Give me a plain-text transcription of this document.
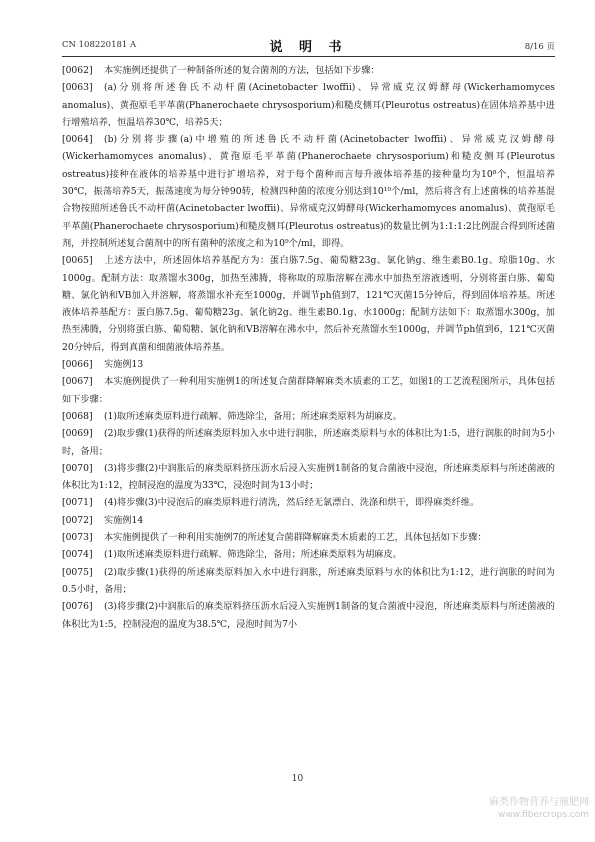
CN 108220181 A	说 明 书	8/16 页

[0062] 本实施例还提供了一种制备所述的复合菌剂的方法，包括如下步骤：

[0063] (a)分别将所述鲁氏不动杆菌(Acinetobacter lwoffii)、异常威克汉姆酵母(Wickerhamomyces anomalus)、黄孢原毛平革菌(Phanerochaete chrysosporium)和糙皮侧耳(Pleurotus ostreatus)在固体培养基中进行增殖培养，恒温培养30℃，培养5天；

[0064] (b)分别将步骤(a)中增殖的所述鲁氏不动杆菌(Acinetobacter lwoffii)、异常威克汉姆酵母(Wickerhamomyces anomalus)、黄孢原毛平革菌(Phanerochaete chrysosporium)和糙皮侧耳(Pleurotus ostreatus)接种在液体的培养基中进行扩增培养，对于每个菌种而言每升液体培养基的接种量均为10⁸个，恒温培养30℃，振荡培养5天，振荡速度为每分钟90转，检测四种菌的浓度分别达到10¹⁰个/ml，然后将含有上述菌株的培养基混合物按照所述鲁氏不动杆菌(Acinetobacter lwoffii)、异常威克汉姆酵母(Wickerhamomyces anomalus)、黄孢原毛平革菌(Phanerochaete chrysosporium)和糙皮侧耳(Pleurotus ostreatus)的数量比例为1:1:1:2比例混合得到所述菌剂，并控制所述复合菌剂中的所有菌种的浓度之和为10⁹个/ml，即得。

[0065] 上述方法中，所述固体培养基配方为：蛋白胨7.5g、葡萄糖23g、氯化钠g、维生素B0.1g、琼脂10g、水1000g。配制方法：取蒸馏水300g，加热至沸腾，将称取的琼脂溶解在沸水中加热至溶液透明，分别将蛋白胨、葡萄糖、氯化钠和VB加入并溶解，将蒸馏水补充至1000g，并调节ph值到7，121℃灭菌15分钟后，得到固体培养基。所述液体培养基配方：蛋白胨7.5g、葡萄糖23g、氯化钠2g、维生素B0.1g、水1000g；配制方法如下：取蒸馏水300g，加热至沸腾，分别将蛋白胨、葡萄糖、氯化钠和VB溶解在沸水中，然后补充蒸馏水至1000g，并调节ph值到6，121℃灭菌20分钟后，得到真菌和细菌液体培养基。

[0066] 实施例13

[0067] 本实施例提供了一种利用实施例1的所述复合菌群降解麻类木质素的工艺，如图1的工艺流程图所示，具体包括如下步骤：

[0068] (1)取所述麻类原料进行疏解、筛选除尘，备用；所述麻类原料为胡麻皮。

[0069] (2)取步骤(1)获得的所述麻类原料加入水中进行润胀，所述麻类原料与水的体积比为1:5，进行润胀的时间为5小时，备用；

[0070] (3)将步骤(2)中润胀后的麻类原料挤压沥水后浸入实施例1制备的复合菌液中浸泡，所述麻类原料与所述菌液的体积比为1:12，控制浸泡的温度为33℃，浸泡时间为13小时；

[0071] (4)将步骤(3)中浸泡后的麻类原料进行清洗，然后经无氯漂白、洗涤和烘干，即得麻类纤维。

[0072] 实施例14

[0073] 本实施例提供了一种利用实施例7的所述复合菌群降解麻类木质素的工艺，具体包括如下步骤：

[0074] (1)取所述麻类原料进行疏解、筛选除尘，备用；所述麻类原料为胡麻皮。

[0075] (2)取步骤(1)获得的所述麻类原料加入水中进行润胀，所述麻类原料与水的体积比为1:12，进行润胀的时间为0.5小时，备用；

[0076] (3)将步骤(2)中润胀后的麻类原料挤压沥水后浸入实施例1制备的复合菌液中浸泡，所述麻类原料与所述菌液的体积比为1:5，控制浸泡的温度为38.5℃，浸泡时间为7小

10
麻类作物营养与施肥网
www.fibercrops.com
